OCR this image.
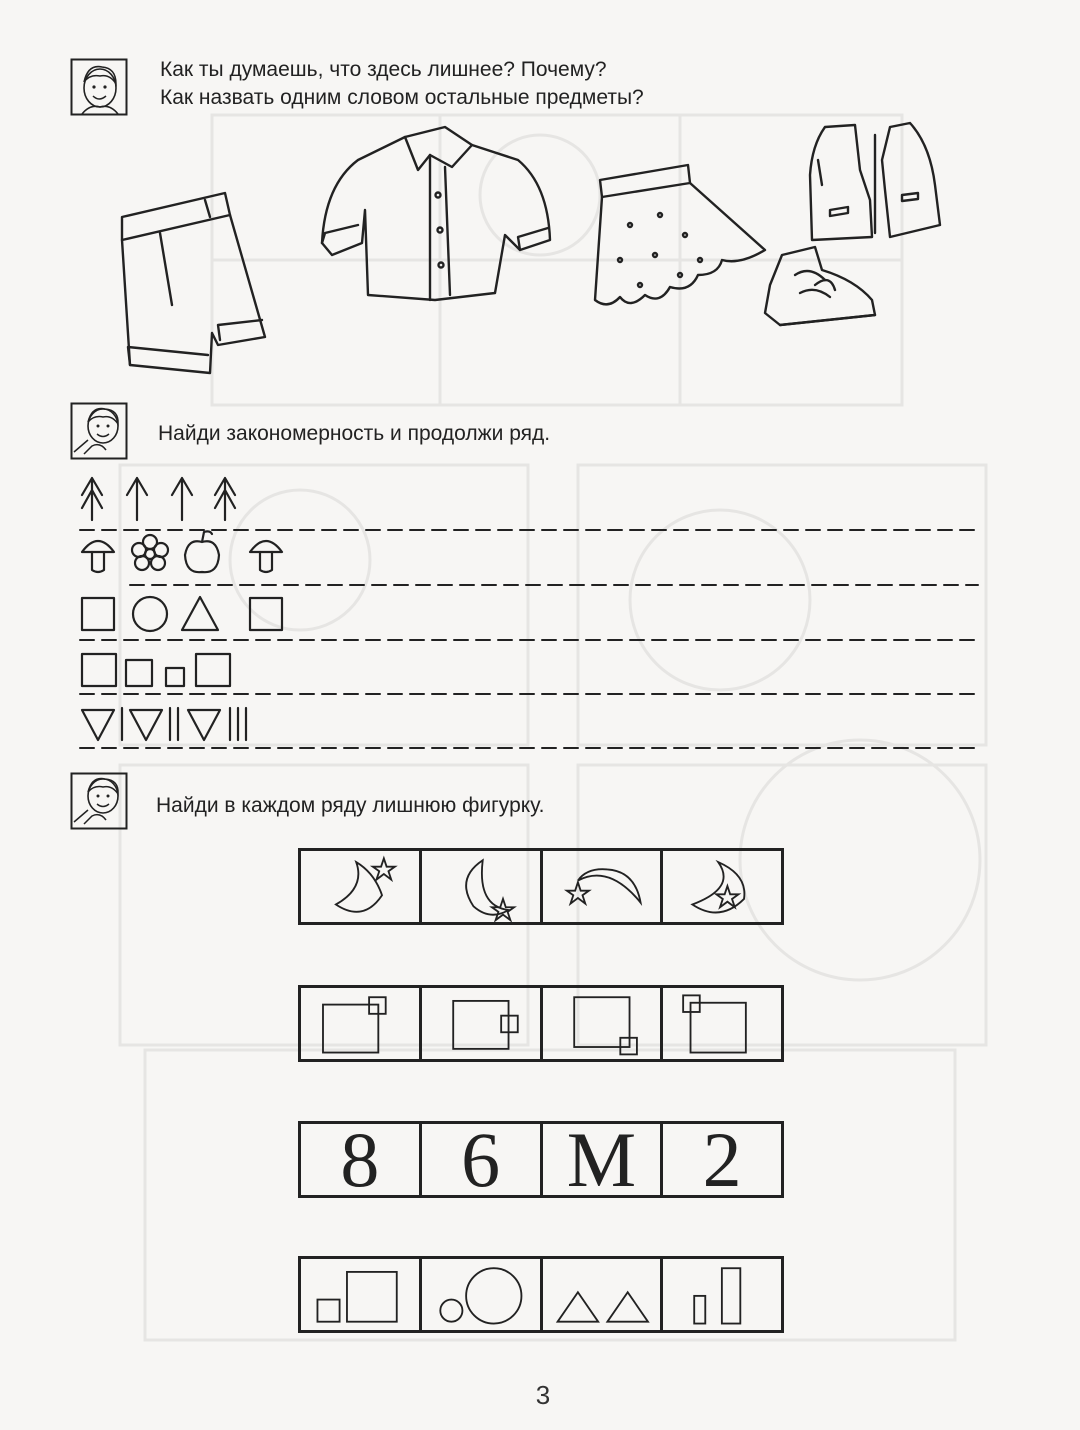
Как ты думаешь, что здесь лишнее? Почему?
Как назвать одним словом остальные предметы?
Найди закономерность и продолжи ряд.
Найди в каждом ряду лишнюю фигурку.
8	6 М 2
3
